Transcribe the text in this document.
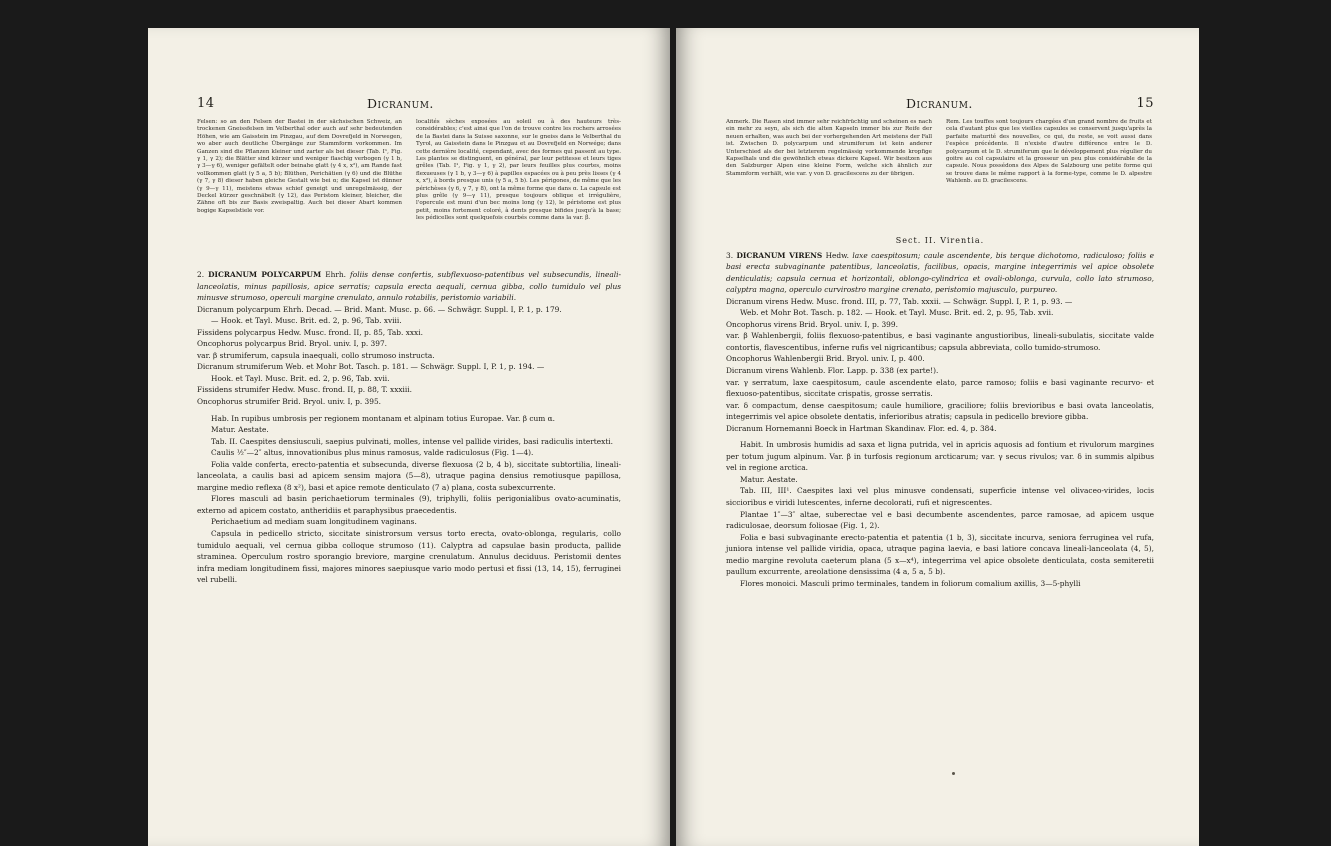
14	Dicranum.
Felsen: so an den Felsen der Bastei in der sächsischen Schweiz, an trockenen Gneissfelsen im Velberthal oder auch auf sehr bedeutenden Höhen, wie am Gaisstein im Pinzgau, auf dem Dovrefjeld in Norwegen, wo aber auch deutliche Übergänge zur Stammform vorkommen. Im Ganzen sind die Pflanzen kleiner und zarter als bei dieser (Tab. I¹, Fig. γ 1, γ 2); die Blätter sind kürzer und weniger flaschig verbogen (γ 1 b, γ 3—γ 6), weniger gefältelt oder beinahe glatt (γ 4 x, x²), am Rande fast vollkommen glatt (γ 5 a, 5 b); Blüthen, Perichätien (γ 6) und die Blüthe (γ 7, γ 8) dieser haben gleiche Gestalt wie bei α; die Kapsel ist dünner (γ 9—γ 11), meistens etwas schief geneigt und unregelmässig, der Deckel kürzer geschnäbelt (γ 12), das Peristom kleiner, bleicher, die Zähne oft bis zur Basis zweispaltig. Auch bei dieser Abart kommen bogige Kapselstiele vor.
localités sèches exposées au soleil ou à des hauteurs très-considérables; c'est ainsi que l'on de trouve contre les rochers arrosées de la Bastei dans la Suisse saxonne, sur le gneiss dans le Velberthal du Tyrol, au Gaisstein dans le Pinzgau et au Dovrefjeld en Norwége; dans cette dernière localité, cependant, avec des formes qui passent au type. Les plantes se distinguent, en général, par leur petitesse et leurs tiges grêles (Tab. I¹, Fig. γ 1, γ 2), par leurs feuilles plus courtes, moins flexueuses (γ 1 b, γ 3—γ 6) à papilles espacées ou à peu près lisses (γ 4 x, x²), à bords presque unis (γ 5 a, 5 b). Les périgones, de même que les périchèses (γ 6, γ 7, γ 8), ont la même forme que dans α. La capsule est plus grêle (γ 9—γ 11), presque toujours oblique et irrégulière, l'opercule est muni d'un bec moins long (γ 12), le péristome est plus petit, moins fortement coloré, à dents presque bifides jusqu'à la base; les pédicelles sont quelquefois courbés comme dans la var. β.

2. DICRANUM POLYCARPUM Ehrh. foliis dense confertis, subflexuoso-patentibus vel subsecundis, lineali-lanceolatis, minus papillosis, apice serratis; capsula erecta aequali, cernua gibba, collo tumidulo vel plus minusve strumoso, operculi margine crenulato, annulo rotabilis, peristomio variabili.

Dicranum polycarpum Ehrh. Decad. — Brid. Mant. Musc. p. 66. — Schwägr. Suppl. I, P. 1, p. 179.

— Hook. et Tayl. Musc. Brit. ed. 2, p. 96, Tab. xviii.

Fissidens polycarpus Hedw. Musc. frond. II, p. 85, Tab. xxxi.

Oncophorus polycarpus Brid. Bryol. univ. I, p. 397.

var. β strumiferum, capsula inaequali, collo strumoso instructa.

Dicranum strumiferum Web. et Mohr Bot. Tasch. p. 181. — Schwägr. Suppl. I, P. 1, p. 194. —

Hook. et Tayl. Musc. Brit. ed. 2, p. 96, Tab. xvii.

Fissidens strumifer Hedw. Musc. frond. II, p. 88, T. xxxiii.

Oncophorus strumifer Brid. Bryol. univ. I, p. 395.

Hab. In rupibus umbrosis per regionem montanam et alpinam totius Europae. Var. β cum α.

Matur. Aestate.

Tab. II. Caespites densiusculi, saepius pulvinati, molles, intense vel pallide virides, basi radiculis intertexti.

Caulis ½″—2″ altus, innovationibus plus minus ramosus, valde radiculosus (Fig. 1—4).

Folia valde conferta, erecto-patentia et subsecunda, diverse flexuosa (2 b, 4 b), siccitate subtortilia, lineali-lanceolata, a caulis basi ad apicem sensim majora (5—8), utraque pagina densius remotiusque papillosa, margine medio reflexa (8 x²), basi et apice remote denticulato (7 a) plana, costa subexcurrente.

Flores masculi ad basin perichaetiorum terminales (9), triphylli, foliis perigonialibus ovato-acuminatis, externo ad apicem costato, antheridiis et paraphysibus praecedentis.

Perichaetium ad mediam suam longitudinem vaginans.

Capsula in pedicello stricto, siccitate sinistrorsum versus torto erecta, ovato-oblonga, regularis, collo tumidulo aequali, vel cernua gibba colloque strumoso (11). Calyptra ad capsulae basin producta, pallide straminea. Operculum rostro sporangio breviore, margine crenulatum. Annulus deciduus. Peristomii dentes infra mediam longitudinem fissi, majores minores saepiusque vario modo pertusi et fissi (13, 14, 15), ferruginei vel rubelli.

Dicranum.	15
Anmerk. Die Rasen sind immer sehr reichfrüchtig und scheinen es nach ein mehr zu seyn, als sich die alten Kapseln immer bis zur Reife der neuen erhalten, was auch bei der vorhergehenden Art meistens der Fall ist. Zwischen D. polycarpum und strumiferum ist kein anderer Unterschied als der bei letzterem regelmässig vorkommende kropfige Kapselhals und die gewöhnlich etwas dickere Kapsel. Wir besitzen aus den Salzburger Alpen eine kleine Form, welche sich ähnlich zur Stammform verhält, wie var. γ von D. gracilescens zu der übrigen.
Rem. Les touffes sont toujours chargées d'un grand nombre de fruits et cela d'autant plus que les vieilles capsules se conservent jusqu'après la parfaite maturité des nouvelles, ce qui, du reste, se voit aussi dans l'espèce précédente. Il n'existe d'autre différence entre le D. polycarpum et le D. strumiferum que le développement plus régulier du goitre au col capsulaire et la grosseur un peu plus considérable de la capsule. Nous possédons des Alpes de Salzbourg une petite forme qui se trouve dans le même rapport à la forme-type, comme le D. alpestre Wahlenb. au D. gracilescens.

Sect. II. Virentia.

3. DICRANUM VIRENS Hedw. laxe caespitosum; caule ascendente, bis terque dichotomo, radiculoso; foliis e basi erecta subvaginante patentibus, lanceolatis, facilibus, opacis, margine integerrimis vel apice obsolete denticulatis; capsula cernua et horizontali, oblongo-cylindrica et ovali-oblonga, curvula, collo lato strumoso, calyptra magna, operculo curvirostro margine crenato, peristomio majusculo, purpureo.

Dicranum virens Hedw. Musc. frond. III, p. 77, Tab. xxxii. — Schwägr. Suppl. I, P. 1, p. 93. —

Web. et Mohr Bot. Tasch. p. 182. — Hook. et Tayl. Musc. Brit. ed. 2, p. 95, Tab. xvii.

Oncophorus virens Brid. Bryol. univ. I, p. 399.

var. β Wahlenbergii, foliis flexuoso-patentibus, e basi vaginante angustioribus, lineali-subulatis, siccitate valde contortis, flavescentibus, inferne rufis vel nigricantibus; capsula abbreviata, collo tumido-strumoso.

Oncophorus Wahlenbergii Brid. Bryol. univ. I, p. 400.

Dicranum virens Wahlenb. Flor. Lapp. p. 338 (ex parte!).

var. γ serratum, laxe caespitosum, caule ascendente elato, parce ramoso; foliis e basi vaginante recurvo- et flexuoso-patentibus, siccitate crispatis, grosse serratis.

var. δ compactum, dense caespitosum; caule humiliore, graciliore; foliis brevioribus e basi ovata lanceolatis, integerrimis vel apice obsolete dentatis, inferioribus atratis; capsula in pedicello breviore gibba.

Dicranum Hornemanni Boeck in Hartman Skandinav. Flor. ed. 4, p. 384.

Habit. In umbrosis humidis ad saxa et ligna putrida, vel in apricis aquosis ad fontium et rivulorum margines per totum jugum alpinum. Var. β in turfosis regionum arcticarum; var. γ secus rivulos; var. δ in summis alpibus vel in regione arctica.

Matur. Aestate.

Tab. III, III¹. Caespites laxi vel plus minusve condensati, superficie intense vel olivaceo-virides, locis siccioribus e viridi lutescentes, inferne decolorati, rufi et nigrescentes.

Plantae 1″—3″ altae, suberectae vel e basi decumbente ascendentes, parce ramosae, ad apicem usque radiculosae, deorsum foliosae (Fig. 1, 2).

Folia e basi subvaginante erecto-patentia et patentia (1 b, 3), siccitate incurva, seniora ferruginea vel rufa, juniora intense vel pallide viridia, opaca, utraque pagina laevia, e basi latiore concava lineali-lanceolata (4, 5), medio margine revoluta caeterum plana (5 x—x⁴), integerrima vel apice obsolete denticulata, costa semiteretii paullum excurrente, areolatione densissima (4 a, 5 a, 5 b).

Flores monoici. Masculi primo terminales, tandem in foliorum comalium axillis, 3—5-phylli
